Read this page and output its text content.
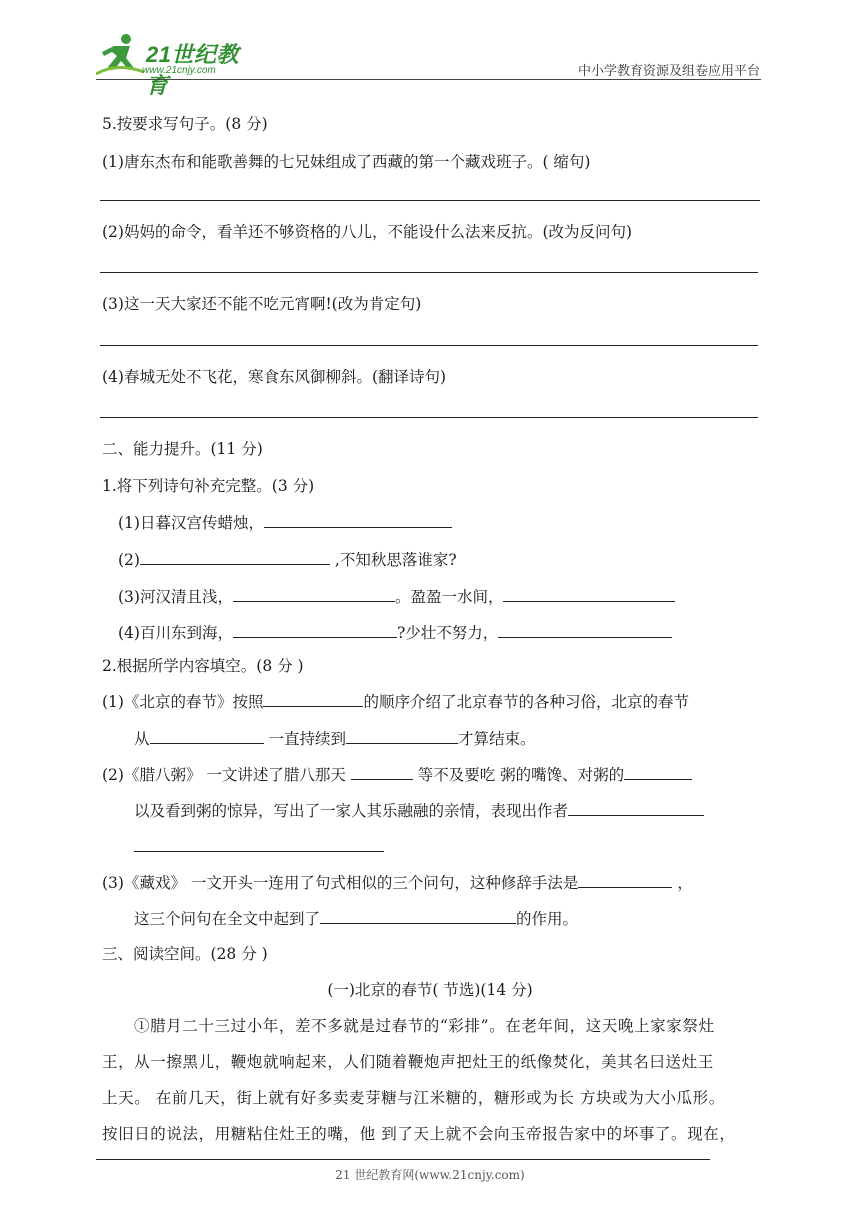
21世纪教育
www.21cnjy.com	中小学教育资源及组卷应用平台
5.按要求写句子。(8 分)
(1)唐东杰布和能歌善舞的七兄妹组成了西藏的第一个藏戏班子。( 缩句)
(2)妈妈的命令，看羊还不够资格的八儿，不能设什么法来反抗。(改为反问句)
(3)这一天大家还不能不吃元宵啊!(改为肯定句)
(4)春城无处不飞花，寒食东风御柳斜。(翻译诗句)
二、能力提升。(11 分)
1.将下列诗句补充完整。(3 分)
(1)日暮汉宫传蜡烛，
(2)	,不知秋思落谁家?
(3)河汉清且浅，	。盈盈一水间，
(4)百川东到海，	?少壮不努力，
2.根据所学内容填空。(8 分 )
(1)《北京的春节》按照	的顺序介绍了北京春节的各种习俗，北京的春节
从	一直持续到	才算结束。
(2)《腊八粥》 一文讲述了腊八那天	等不及要吃 粥的嘴馋、对粥的
以及看到粥的惊异，写出了一家人其乐融融的亲情，表现出作者
(3)《藏戏》 一文开头一连用了句式相似的三个问句，这种修辞手法是	，
这三个问句在全文中起到了	的作用。
三、阅读空间。(28 分 )
(一)北京的春节( 节选)(14 分)
①腊月二十三过小年，差不多就是过春节的“彩排”。在老年间，这天晚上家家祭灶
王，从一擦黑儿，鞭炮就响起来，人们随着鞭炮声把灶王的纸像焚化，美其名曰送灶王
上天。 在前几天，街上就有好多卖麦芽糖与江米糖的，糖形或为长 方块或为大小瓜形。
按旧日的说法，用糖粘住灶王的嘴，他 到了天上就不会向玉帝报告家中的坏事了。现在，
21 世纪教育网(www.21cnjy.com)
